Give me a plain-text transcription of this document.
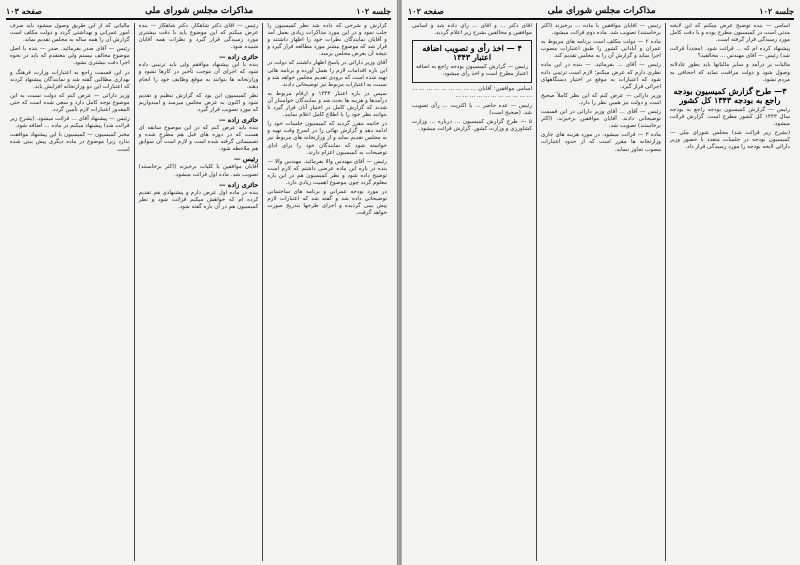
جلسه ۱۰۲
مذاکرات مجلس شورای ملی
صفحه ۱۰۳

گزارش و شرحی که داده شد نظر کمیسیون را جلب نمود و در این مورد مذاکرات زیادی بعمل آمد و آقایان نمایندگان نظرات خود را اظهار داشتند و قرار شد که موضوع بیشتر مورد مطالعه قرار گیرد و نتیجه آن بعرض مجلس برسد.

آقای وزیر دارائی در پاسخ اظهار داشتند که دولت در این باره اقدامات لازم را بعمل آورده و برنامه هائی تهیه شده است که بزودی تقدیم مجلس خواهد شد و نسبت به اعتبارات مربوط نیز توضیحاتی دادند.

سپس در باره اعتبار ۱۳۴۳ و ارقام مربوط به درآمدها و هزینه ها بحث شد و نمایندگان خواستار آن شدند که گزارش کامل در اختیار آنان قرار گیرد تا بتوانند نظر خود را با اطلاع کامل اعلام نمایند.

در خاتمه مقرر گردید که کمیسیون جلسات خود را ادامه دهد و گزارش نهائی را در اسرع وقت تهیه و به مجلس تقدیم نماید و از وزارتخانه های مربوط نیز خواسته شود که نمایندگان خود را برای ادای توضیحات به کمیسیون اعزام دارند.

رئیس — آقای مهندس والا بفرمائید. مهندس والا — بنده در باره این ماده عرضی داشتم که لازم است توضیح داده شود و نظر کمیسیون هم در این باره معلوم گردد چون موضوع اهمیت زیادی دارد.

در مورد بودجه عمرانی و برنامه های ساختمانی توضیحاتی داده شد و گفته شد که اعتبارات لازم پیش بینی گردیده و اجرای طرحها بتدریج صورت خواهد گرفت.

رئیس — آقای دکتر شاهکار. دکتر شاهکار — بنده عرض میکنم که این موضوع باید با دقت بیشتری مورد رسیدگی قرار گیرد و نظرات همه آقایان شنیده شود.

حائری زاده —

بنده با این پیشنهاد موافقم ولی باید ترتیبی داده شود که اجرای آن موجب تأخیر در کارها نشود و وزارتخانه ها بتوانند به موقع وظایف خود را انجام دهند.

نظر کمیسیون این بود که گزارش تنظیم و تقدیم شود و اکنون به عرض مجلس میرسد و امیدواریم که مورد تصویب قرار گیرد.

حائری زاده —

بنده باید عرض کنم که در این موضوع سابقه ای هست که در دوره های قبل هم مطرح شده و تصمیماتی گرفته شده است و لازم است آن سوابق هم ملاحظه شود.

رئیس —

آقایان موافقین با کلیات برخیزند (اکثر برخاستند) تصویب شد. ماده اول قرائت میشود.

حائری زاده —

بنده در ماده اول عرض دارم و پیشنهادی هم تقدیم کرده ام که خواهش میکنم قرائت شود و نظر کمیسیون هم در آن باره گفته شود.

مالیاتی که از این طریق وصول میشود باید صرف امور عمرانی و بهداشتی گردد و دولت مکلف است گزارش آن را همه ساله به مجلس تقدیم نماید.

رئیس — آقای صدر بفرمائید. صدر — بنده با اصل موضوع مخالف نیستم ولی معتقدم که باید در نحوه اجرا دقت بیشتری بشود.

در این قسمت راجع به اعتبارات وزارت فرهنگ و بهداری مطالبی گفته شد و نمایندگان پیشنهاد کردند که اعتبارات این دو وزارتخانه افزایش یابد.

وزیر دارائی — عرض کنم که دولت نسبت به این موضوع توجه کامل دارد و سعی شده است که حتی المقدور اعتبارات لازم تأمین گردد.

رئیس — پیشنهاد آقای ... قرائت میشود. (بشرح زیر قرائت شد) پیشنهاد میکنم در ماده ... اضافه شود.

مخبر کمیسیون — کمیسیون با این پیشنهاد موافقت ندارد زیرا موضوع در ماده دیگری پیش بینی شده است.

جلسه ۱۰۲
مذاکرات مجلس شورای ملی
صفحه ۱۰۲

اسامی — بنده توضیح عرض میکنم که این لایحه مدتی است در کمیسیون مطرح بوده و با دقت کامل مورد رسیدگی قرار گرفته است.

پیشنهاد کرده ام که ... قرائت شود. (مجدداً قرائت شد) رئیس — آقای مهندس ... مخالفید؟

مالیات بر درآمد و سایر مالیاتها باید بطور عادلانه وصول شود و دولت مراقبت نماید که اجحافی به مردم نشود.

۳— طرح گزارش کمیسیون بودجه راجع به بودجه ۱۳۴۳ کل کشور

رئیس — گزارش کمیسیون بودجه راجع به بودجه سال ۱۳۴۳ کل کشور مطرح است. گزارش قرائت میشود.

(بشرح زیر قرائت شد) مجلس شورای ملی — کمیسیون بودجه در جلسات متعدد با حضور وزیر دارائی لایحه بودجه را مورد رسیدگی قرار داد.

رئیس — آقایان موافقین با ماده ... برخیزند (اکثر برخاستند) تصویب شد. ماده دوم قرائت میشود.

ماده ۲ — دولت مکلف است برنامه های مربوط به عمران و آبادانی کشور را طبق اعتبارات مصوب اجرا نماید و گزارش آن را به مجلس تقدیم کند.

رئیس — آقای ... بفرمائید. — بنده در این ماده نظری دارم که عرض میکنم؛ لازم است ترتیبی داده شود که اعتبارات به موقع در اختیار دستگاههای اجرائی قرار گیرد.

وزیر دارائی — عرض کنم که این نظر کاملاً صحیح است و دولت نیز همین نظر را دارد.

رئیس — آقای ... آقای وزیر دارائی در این قسمت توضیحاتی دادند. آقایان موافقین برخیزند. (اکثر برخاستند) تصویب شد.

ماده ۳ — قرائت میشود. در مورد هزینه های جاری وزارتخانه ها مقرر است که از حدود اعتبارات مصوب تجاوز ننماید.

آقای دکتر ... و آقای ... رأی داده شد و اسامی موافقین و مخالفین بشرح زیر اعلام گردید.

۴ — اخذ رأی و تصویب اضافه اعتبار ۱۳۴۳

رئیس — گزارش کمیسیون بودجه راجع به اضافه اعتبار مطرح است و اخذ رأی میشود.

اسامی موافقین: آقایان ... ... ... ... ... ... ... ... ... ... ... ... ... ... ... ... ... ... ... ...

رئیس — عده حاضر ... با اکثریت ... رأی تصویب شد. (صحیح است)

۵ — طرح گزارش کمیسیون ... درباره ... وزارت کشاورزی و وزارت کشور. گزارش قرائت میشود.
